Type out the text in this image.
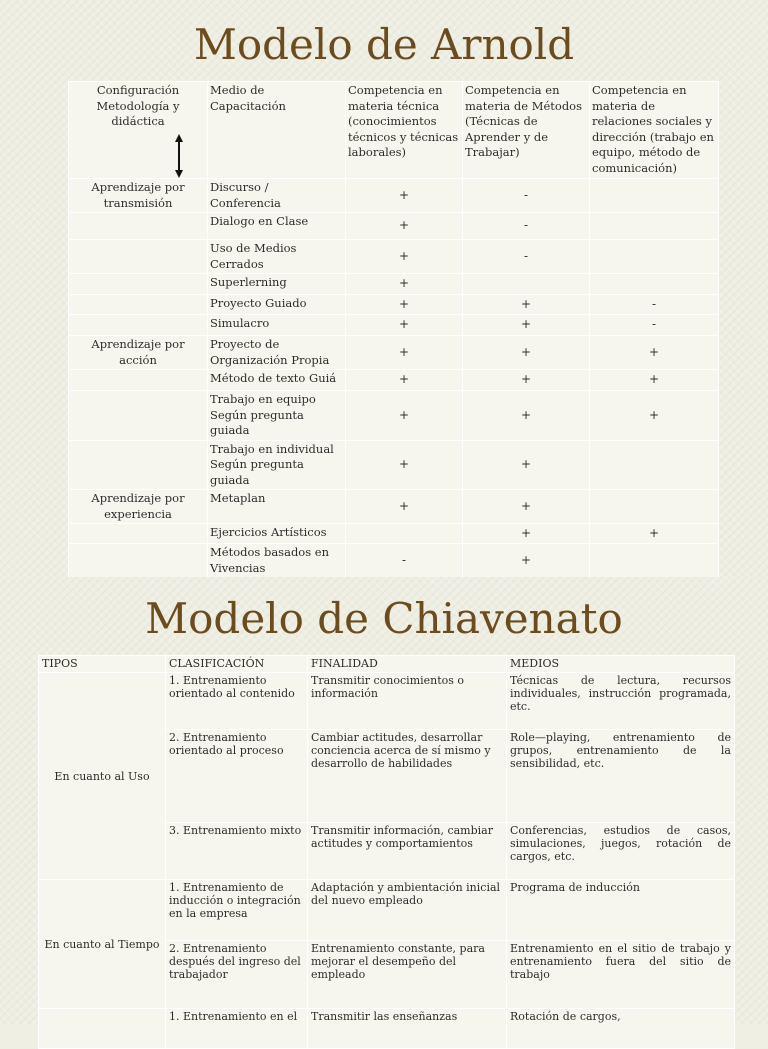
Modelo de Arnold
Configuración Metodología y didáctica	Medio de Capacitación	Competencia en materia técnica (conocimientos técnicos y técnicas laborales)	Competencia en materia de Métodos (Técnicas de Aprender y de Trabajar)	Competencia en materia de relaciones sociales y dirección (trabajo en equipo, método de comunicación)
Aprendizaje por transmisión	Discurso / Conferencia	+	-	
	Dialogo en Clase	+	-	
	Uso de Medios Cerrados	+	-	
	Superlerning	+		
	Proyecto Guiado	+	+	-
	Simulacro	+	+	-
Aprendizaje por acción	Proyecto de Organización Propia	+	+	+
	Método de texto Guiá	+	+	+
	Trabajo en equipo Según pregunta guiada	+	+	+
	Trabajo en individual Según pregunta guiada	+	+	
Aprendizaje por experiencia	Metaplan	+	+	
	Ejercicios Artísticos		+	+
	Métodos basados en Vivencias	-	+	
Modelo de Chiavenato
TIPOS	CLASIFICACIÓN	FINALIDAD	MEDIOS
En cuanto al Uso	1. Entrenamiento orientado al contenido	Transmitir conocimientos o información	Técnicas de lectura, recursos individuales, instrucción programada, etc.
	2. Entrenamiento orientado al proceso	Cambiar actitudes, desarrollar conciencia acerca de sí mismo y desarrollo de habilidades	Role—playing, entrenamiento de grupos, entrenamiento de la sensibilidad, etc.
	3. Entrenamiento mixto	Transmitir información, cambiar actitudes y comportamientos	Conferencias, estudios de casos, simulaciones, juegos, rotación de cargos, etc.
En cuanto al Tiempo	1. Entrenamiento de inducción o integración en la empresa	Adaptación y ambientación inicial del nuevo empleado	Programa de inducción
	2. Entrenamiento después del ingreso del trabajador	Entrenamiento constante, para mejorar el desempeño del empleado	Entrenamiento en el sitio de trabajo y entrenamiento fuera del sitio de trabajo
	1. Entrenamiento en el	Transmitir las enseñanzas	Rotación de cargos,
